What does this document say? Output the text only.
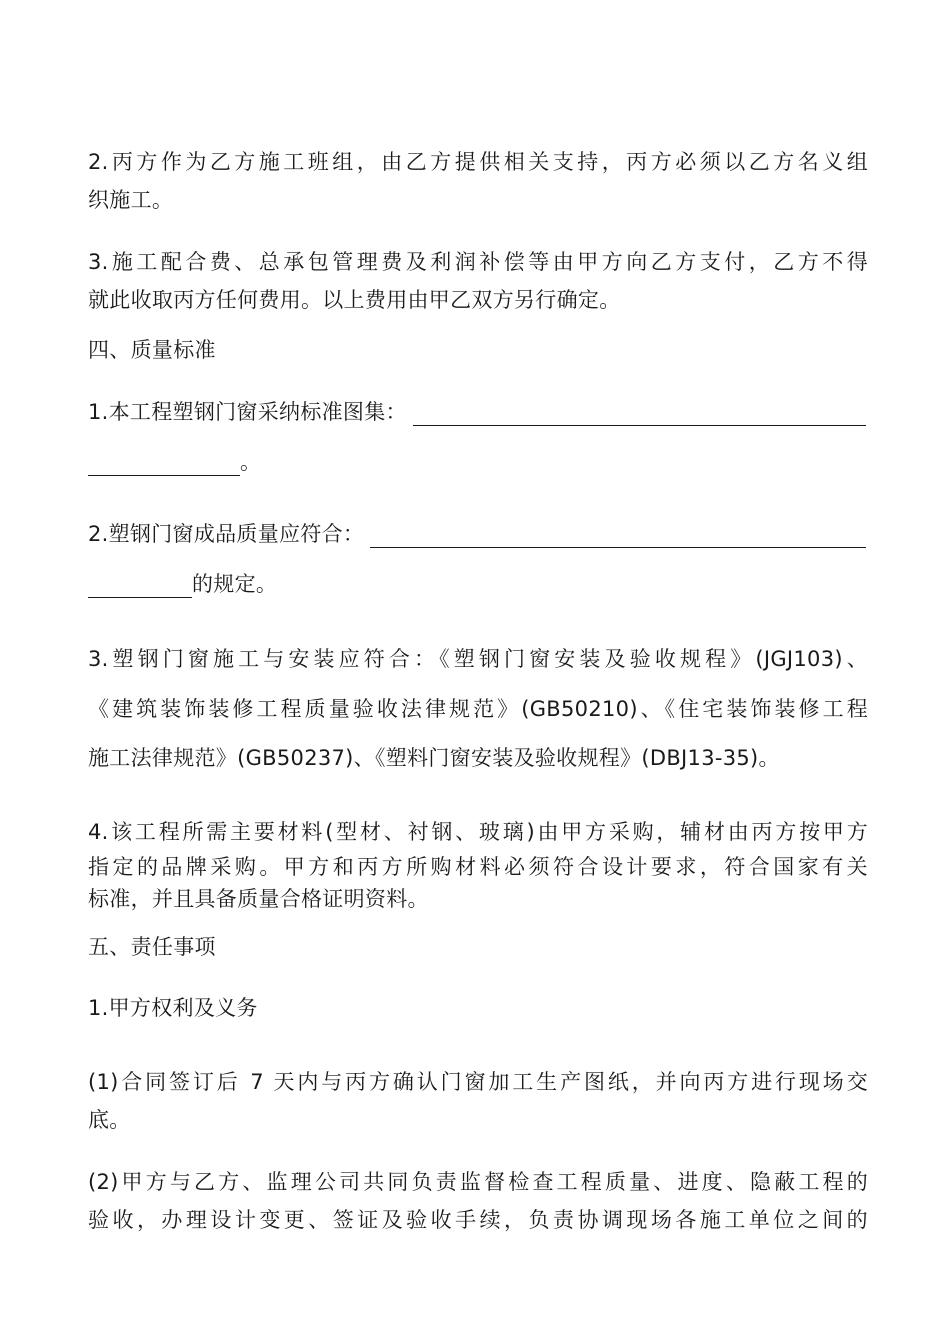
2.丙方作为乙方施工班组，由乙方提供相关支持，丙方必须以乙方名义组
织施工。
3.施工配合费、总承包管理费及利润补偿等由甲方向乙方支付，乙方不得
就此收取丙方任何费用。以上费用由甲乙双方另行确定。
四、质量标准
1.本工程塑钢门窗采纳标准图集：
。
2.塑钢门窗成品质量应符合：
的规定。
3.塑钢门窗施工与安装应符合：《塑钢门窗安装及验收规程》(JGJ103)、
《建筑装饰装修工程质量验收法律规范》(GB50210)、《住宅装饰装修工程
施工法律规范》(GB50237)、《塑料门窗安装及验收规程》(DBJ13-35)。
4.该工程所需主要材料(型材、衬钢、玻璃)由甲方采购，辅材由丙方按甲方
指定的品牌采购。甲方和丙方所购材料必须符合设计要求，符合国家有关
标准，并且具备质量合格证明资料。
五、责任事项
1.甲方权利及义务
(1)合同签订后 7 天内与丙方确认门窗加工生产图纸，并向丙方进行现场交
底。
(2)甲方与乙方、监理公司共同负责监督检查工程质量、进度、隐蔽工程的
验收，办理设计变更、签证及验收手续，负责协调现场各施工单位之间的
